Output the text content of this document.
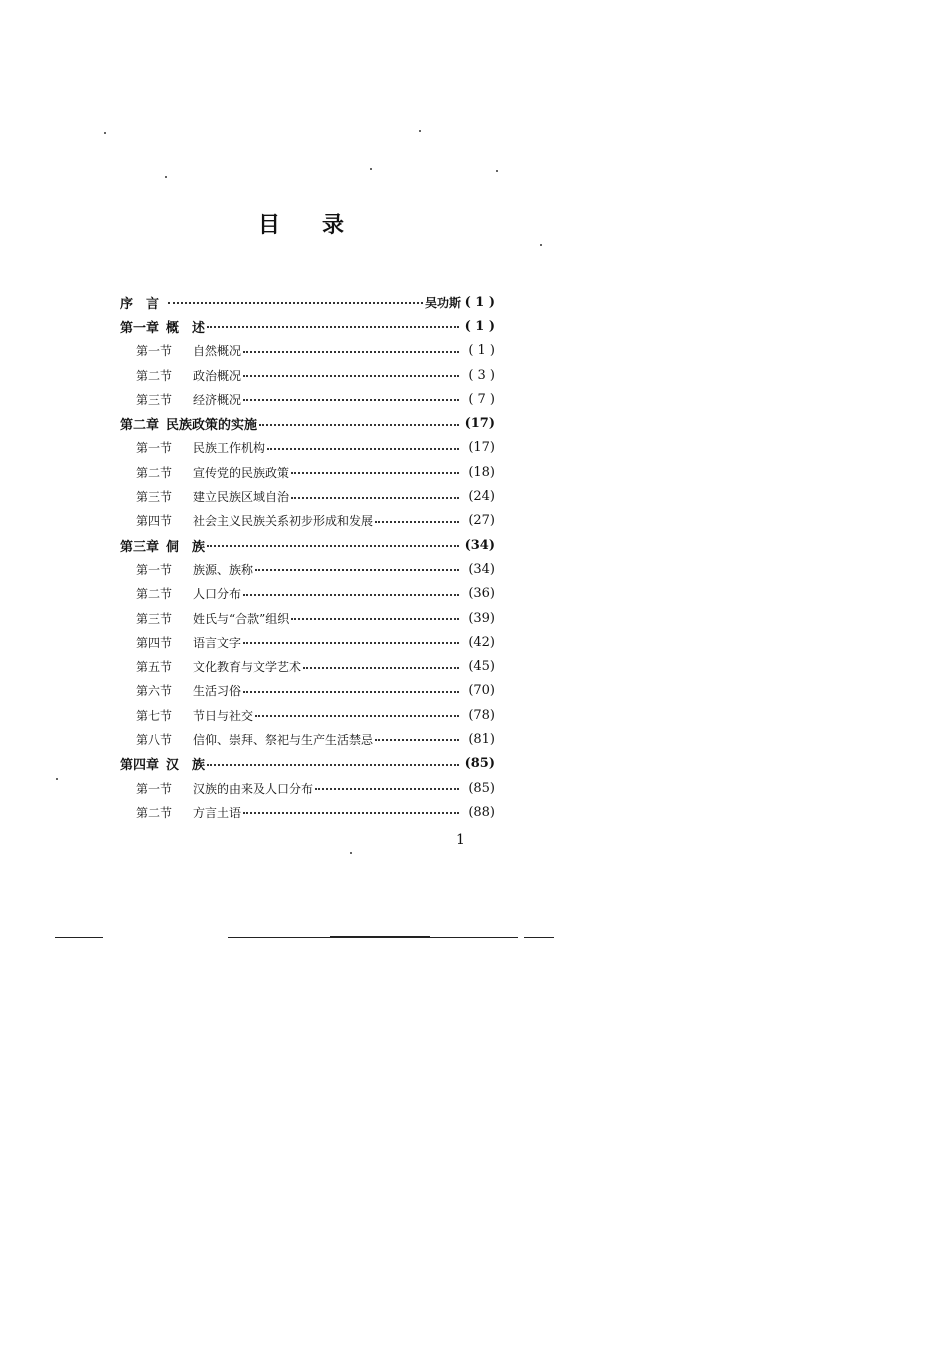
目 录
序　言	吴功斯 ( 1 )
第一章 概　述	( 1 )
第一节	自然概况	( 1 )
第二节	政治概况	( 3 )
第三节	经济概况	( 7 )
第二章 民族政策的实施	(17)
第一节	民族工作机构	(17)
第二节	宣传党的民族政策	(18)
第三节	建立民族区域自治	(24)
第四节	社会主义民族关系初步形成和发展	(27)
第三章 侗　族	(34)
第一节	族源、族称	(34)
第二节	人口分布	(36)
第三节	姓氏与“合款”组织	(39)
第四节	语言文字	(42)
第五节	文化教育与文学艺术	(45)
第六节	生活习俗	(70)
第七节	节日与社交	(78)
第八节	信仰、崇拜、祭祀与生产生活禁忌	(81)
第四章 汉　族	(85)
第一节	汉族的由来及人口分布	(85)
第二节	方言土语	(88)
1
